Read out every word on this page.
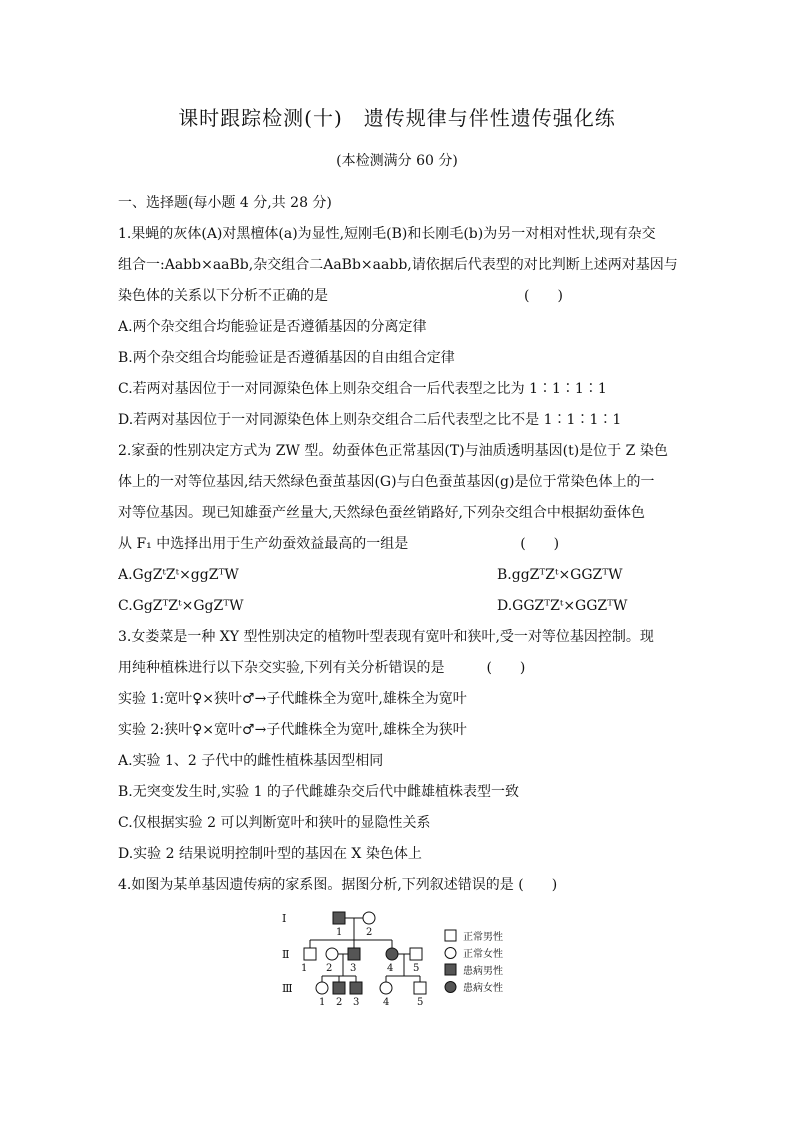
课时跟踪检测(十)　遗传规律与伴性遗传强化练
(本检测满分 60 分)
一、选择题(每小题 4 分,共 28 分)
1.果蝇的灰体(A)对黑檀体(a)为显性,短刚毛(B)和长刚毛(b)为另一对相对性状,现有杂交
组合一:Aabb×aaBb,杂交组合二AaBb×aabb,请依据后代表型的对比判断上述两对基因与
染色体的关系以下分析不正确的是　　　　　　　　　　　　　　(　　)
A.两个杂交组合均能验证是否遵循基因的分离定律
B.两个杂交组合均能验证是否遵循基因的自由组合定律
C.若两对基因位于一对同源染色体上则杂交组合一后代表型之比为 1∶1∶1∶1
D.若两对基因位于一对同源染色体上则杂交组合二后代表型之比不是 1∶1∶1∶1
2.家蚕的性别决定方式为 ZW 型。幼蚕体色正常基因(T)与油质透明基因(t)是位于 Z 染色
体上的一对等位基因,结天然绿色蚕茧基因(G)与白色蚕茧基因(g)是位于常染色体上的一
对等位基因。现已知雄蚕产丝量大,天然绿色蚕丝销路好,下列杂交组合中根据幼蚕体色
从 F₁ 中选择出用于生产幼蚕效益最高的一组是　　　　　　　　(　　)
A.GgZᵗZᵗ×ggZᵀW	B.ggZᵀZᵗ×GGZᵀW
C.GgZᵀZᵗ×GgZᵀW	D.GGZᵀZᵗ×GGZᵀW
3.女娄菜是一种 XY 型性别决定的植物叶型表现有宽叶和狭叶,受一对等位基因控制。现
用纯种植株进行以下杂交实验,下列有关分析错误的是　　　(　　)
实验 1:宽叶♀×狭叶♂→子代雌株全为宽叶,雄株全为宽叶
实验 2:狭叶♀×宽叶♂→子代雌株全为宽叶,雄株全为狭叶
A.实验 1、2 子代中的雌性植株基因型相同
B.无突变发生时,实验 1 的子代雌雄杂交后代中雌雄植株表型一致
C.仅根据实验 2 可以判断宽叶和狭叶的显隐性关系
D.实验 2 结果说明控制叶型的基因在 X 染色体上
4.如图为某单基因遗传病的家系图。据图分析,下列叙述错误的是 (　　)
Ⅰ
Ⅱ
Ⅲ
1 2
1 2 3	4 5
1 2 3 4	5
正常男性
正常女性
患病男性
患病女性
